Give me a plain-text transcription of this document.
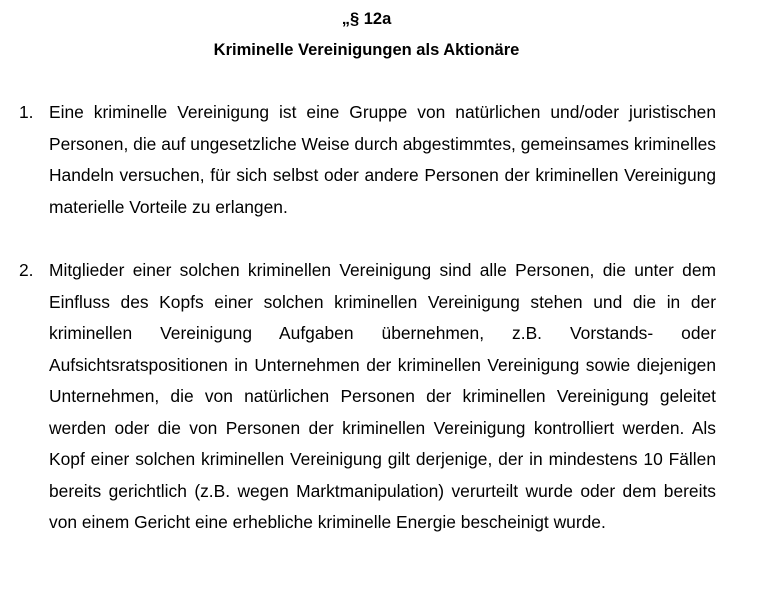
„§ 12a
Kriminelle Vereinigungen als Aktionäre
1. Eine kriminelle Vereinigung ist eine Gruppe von natürlichen und/oder juristischen Personen, die auf ungesetzliche Weise durch abgestimmtes, gemeinsames kriminelles Handeln versuchen, für sich selbst oder andere Personen der kriminellen Vereinigung materielle Vorteile zu erlangen.
2. Mitglieder einer solchen kriminellen Vereinigung sind alle Personen, die unter dem Einfluss des Kopfs einer solchen kriminellen Vereinigung stehen und die in der kriminellen Vereinigung Aufgaben übernehmen, z.B. Vorstands- oder Aufsichtsratspositionen in Unternehmen der kriminellen Vereinigung sowie diejenigen Unternehmen, die von natürlichen Personen der kriminellen Vereinigung geleitet werden oder die von Personen der kriminellen Vereinigung kontrolliert werden. Als Kopf einer solchen kriminellen Vereinigung gilt derjenige, der in mindestens 10 Fällen bereits gerichtlich (z.B. wegen Marktmanipulation) verurteilt wurde oder dem bereits von einem Gericht eine erhebliche kriminelle Energie bescheinigt wurde.
